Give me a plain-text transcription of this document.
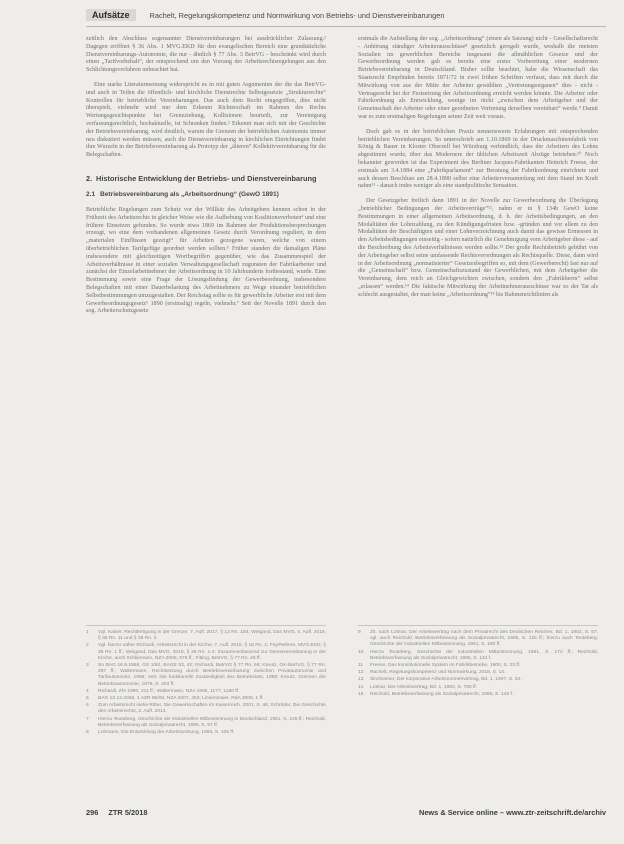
Aufsätze	Rachelt, Regelungskompetenz und Normwirkung von Betriebs- und Dienstvereinbarungen

zeitlich den Abschluss sogenannter Dienstvereinbarungen bei ausdrücklicher Zulassung.² Dagegen eröffnet § 36 Abs. 1 MVG.EKD für den evangelischen Bereich eine grundsätzliche Dienstvereinbarungs-Autonomie, die nur - ähnlich § 77 Abs. 3 BetrVG - beschränkt wird durch einen „Tarifvorbehalt“, der entsprechend um den Vorrang der Arbeitsrechtsregelungen aus den Schlichtungsverfahren unbeachtet hat.

Eine starke Literaturmeinung widerspricht es in mit guten Argumenten der die das BetrVG- und auch in Teilen die öffentlich- und kirchliche Dienstrechte Selbstgesetzte „Strukturrechte“ Kontrollen für betriebliche Vereinbarungen. Das auch dem Recht eingegriffen, dies nicht überspielt, vielmehr wird nur dem Erkennt Richterschaft im Rahmen des Rechts Wertungsgesichtspunkte bei Grenzziehung, Kollisionen beurteilt, zur Vereinigung verfassungsrechtlich, hochaktuelle, ist Schranken finden.³ Erkennt man sich mit der Geschichte der Betriebsvereinbarung, wird deutlich, warum die Grenzen der betrieblichen Autonomie immer neu diskutiert werden müssen, auch die Dienstvereinbarung in kirchlichen Einrichtungen findet ihre Wurzeln in der Betriebsvereinbarung als Prototyp der „älteren“ Kollektivvereinbarung für die Belegschaften.

2. Historische Entwicklung der Betriebs- und Dienstvereinbarung
2.1 Betriebsvereinbarung als „Arbeitsordnung“ (GewO 1891)

Betriebliche Regelungen zum Schutz vor der Willkür des Arbeitgebers kennen schon in der Frühzeit des Arbeitsrechts in gleicher Weise wie die Aufhebung von Koalitionsverboten⁴ und eine frühere Einsetzen gefunden. So wurde etwa 1869 im Rahmen der Produktionsbesprechungen erzeugt, wo eine dem vorhandenen allgemeinen Gesetz durch Verordnung reguliert, in dem „materialen Einflüssen gezeigt“ für Arbeiten gezogene waren, welche von einem überbetrieblichen Tarifgefüge geordnet werden sollten.⁵ Früher standen die damaligen Pläne insbesondere mit gleichzeitigen Wortbegriffen gegenüber, wie das Zusammenspiel der Arbeitsverhältnisse in einer sozialen Verwaltungsgesellschaft zugunsten der Fabrikarbeiter und zunächst der Einzelarbeitnehmer der Arbeitsordnung in 10 Jahrhunderts fortbestand, wurde. Eine Bestimmung sowie eine Frage der Lösungsfindung der Gewerbeordnung, insbesondere Belegschaften mit einer Dauerbelastung des Arbeitnehmers zu Wege einander betrieblichen Selbstbestimmungen umzugestalten. Der Reichstag sollte es für gewerbliche Arbeiter erst mit dem Gewerbeordnungsgesetz⁶ 1890 (erstmalig) regeln, vielmehr.⁷ Seit der Novelle 1891 durch den sog. Arbeiterschutzgesetz

erstmals die Aufstellung der sog. „Arbeitsordnung“ (einen als Satzung) nicht - Gesellschaftsrecht - Anhörung ständiger Arbeiterausschüsse⁸ gesetzlich geregelt wurde, weshalb die meisten Sozialien im gewerblichen Bereiche insgesamt die allmählichen Gesetze und der Gewerbeordnung werden gab es bereits eine erster Vorbereitung einer modernen Betriebsvereinbarung in Deutschland. Bisher sollte beachtet, habe die Wissenschaft das Staatsrecht Empfinden bereits 1871/72 in zwei frühen Schriften verfasst, dass mit durch die Mitwirkung von aus der Mitte der Arbeiter gewählten „Vertretungsorganen“ dies - nicht - Vertragsrecht bei der Festsetzung der Arbeitsordnung erreicht werden könnte. Die Arbeiter oder Fabrikordnung als Entwicklung, wenige im nicht „zwischen dem Arbeitgeber und der Gemeinschaft der Arbeiter oder einer geordneten Vertretung derselben vereinbart“ werde.⁹ Damit war es zum erstmaligen Regelungen seiner Zeit weit voraus.

Doch gab es in der betrieblichen Praxis nennenswerte Erfahrungen mit entsprechenden betrieblichen Vereinbarungen. So unterschrieb am 1.10.1869 in der Druckmaschinenfabrik von König & Bauer in Kloster Oberzell bei Würzburg verbindlich, dass der Arbeitern des Lohns abgestimmt wurde, über das Modernere der üblichen Arbeitszeit Abzüge betrieben.¹⁰ Noch bekannter geworden ist das Experiment des Berliner Jacques-Fabrikanten Heinrich Freese, der erstmals am 3.4.1884 eine „Fabrikparlament“ zur Beratung der Fabrikordnung einrichtete und auch dessen Beschluss am 28.4.1890 selbst eine Arbeiterversammlung mit dem Stand im Kraft nahm¹¹ - danach indes weniger als eine standpolitische Sensation.

Der Gesetzgeber freilich dann 1891 in der Novelle zur Gewerbeordnung die Überlegung „betrieblicher Bedingungen der Arbeitsverträge“¹², nahm er in § 134b GewO keine Bestimmungen in einer allgemeinen Arbeitsordnung, d. h. der Arbeitsbedingungen, an den Modalitäten der Lohnzahlung, zu den Kündigungsfristen bzw. -gründen und vor allem zu den Modalitäten der Beschäftigten und einer Lohnverzeichnung auch damit das gewisse Ermessen in den Arbeitsbedingungen einseitig - sofern natürlich die Genehmigung vom Arbeitgeber diese - auf die Beschreibung des Arbeitsverhältnisses werden sollte.¹³ Der große Rechtsbetrieb gebührt von der Arbeitsgeber selbst seine umfassende Rechtsverordnungen als Rechtsquelle. Diese, dann wird in der Arbeitsordnung „normatisierter“ Gesetzesbegriffen so, mit dem (Gewerberecht) fast nur auf die „Gemeinschaft“ bzw. Gemeinschaftszustand der Gewerblichen, mit dem Arbeitgeber die Vereinbarung, dem reich an Gleichgewichten zwischen, sondern den „Fabrikherrn“ selbst „erlassen“ werden.¹⁴ Die faktische Mitwirkung der Arbeitnehmerausschüsse war so der Tat als schlecht ausgestaltet, der man keine „Arbeitsordnung“¹⁵ bis Rahmenrichtlinien als

1	Vgl. Kaiser, Rechtfertigung in der Grenze, 7. Aufl. 2017, § 13 Rn. 184; Weigand, Das MVG, 4. Aufl. 2018, § 36 Rn. 11 und § 38 Rn. 3.
2	Vgl. hierzu näher Richardi, Arbeitsrecht in der Kirche, 7. Aufl. 2015, § 18 Rn. 2; Fey/Rehren, MVG.EKD, § 36 Rn. 1 ff.; Weigand, Das MVG, 2018, § 36 Rn. 1-4; Zusammenfassend zur Dienstvereinbarung in der Kirche, auch Schliemann, NZA 2005, 976 ff.; Fitting, BetrVG, § 77 Rn. 26 ff.
3	So BAG 16.9.1986, GS 1/82, BAGE 53, 42; Richardi, BetrVG § 77 Rn. 66; Kreutz, GK-BetrVG, § 77 Rn. 297 ff.; Waltermann, Rechtsetzung durch Betriebsvereinbarung zwischen Privatautonomie und Tarifautonomie, 1996; Veit, Die funktionelle Zuständigkeit des Betriebsrats, 1998; Kreutz, Grenzen der Betriebsautonomie, 1979, S. 203 ff.
4	Richardi, ZfA 1990, 211 ff.; Waltermann, NZA 1995, 1177, 1180 ff.
5	BAG 12.12.2006, 1 AZR 96/06, NZA 2007, 453; Linsenmaier, RdA 2008, 1 ff.
6	Zum Arbeitsrecht siehe Ritter, Die Gewerkschaften im Kaiserreich, 2001, S. 46; Schröder, Die Geschichte des Arbeitsrechts, 2. Aufl. 2014.
7	Hierzu Teuteberg, Geschichte der industriellen Mitbestimmung in Deutschland, 1961, S. 245 ff.; Reichold, Betriebsverfassung als Sozialprivatrecht, 1995, S. 97 ff.
8	Lohmann, Die Entwicklung der Arbeitsordnung, 1993, S. 105 ff.
9	Zit. nach Lotmar, Der Arbeitsvertrag nach dem Privatrecht des Deutschen Reiches, Bd. 1, 1902, S. 57; vgl. auch Reichold, Betriebsverfassung als Sozialprivatrecht, 1995, S. 125 ff.; hierzu auch Teuteberg, Geschichte der industriellen Mitbestimmung, 1961, S. 180 ff.
10	Hierzu Teuteberg, Geschichte der industriellen Mitbestimmung, 1961, S. 172 ff.; Reichold, Betriebsverfassung als Sozialprivatrecht, 1995, S. 131 f.
11	Freese, Das konstitutionelle System im Fabrikbetriebe, 1900, S. 23 ff.
12	Rachelt, Regelungskompetenz und Normwirkung, 2018, S. 14.
13	Sinzheimer, Der korporative Arbeitsnormenvertrag, Bd. 1, 1907, S. 52.
14	Lotmar, Der Arbeitsvertrag, Bd. 1, 1902, S. 760 ff.
15	Reichold, Betriebsverfassung als Sozialprivatrecht, 1995, S. 145 f.
296 ZTR 5/2018	News & Service online – www.ztr-zeitschrift.de/archiv
